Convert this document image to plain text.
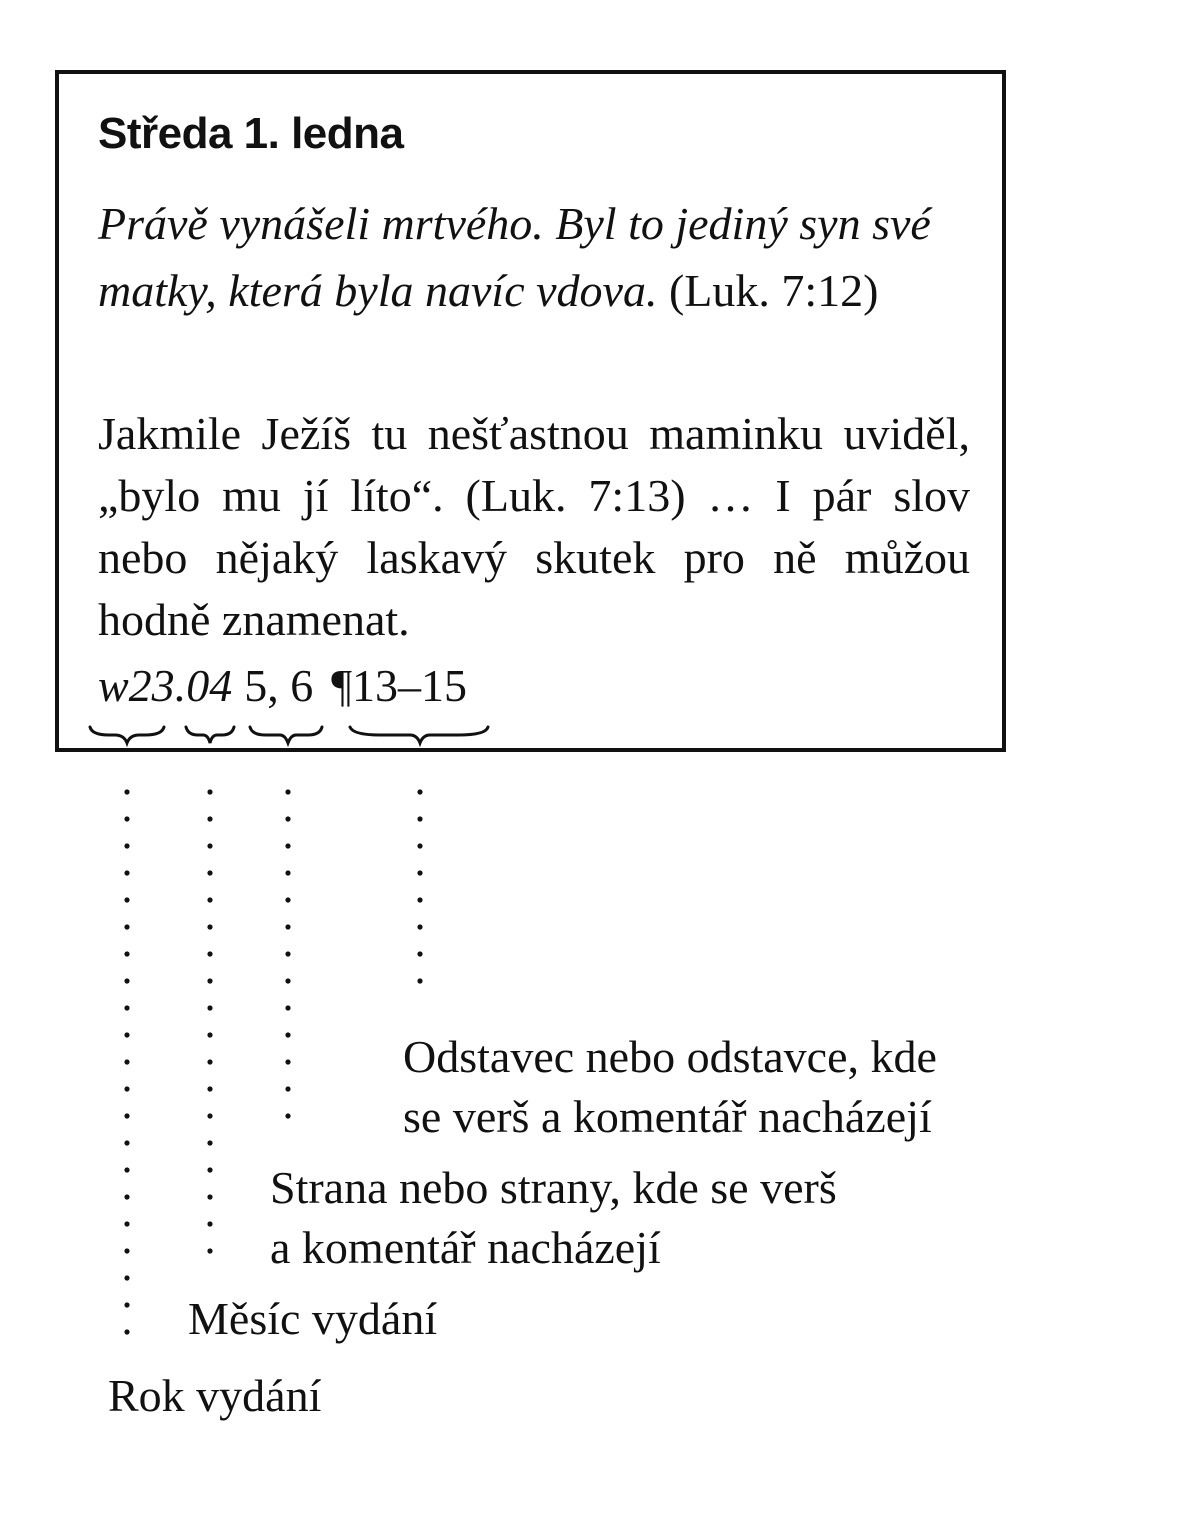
Středa 1. ledna

Právě vynášeli mrtvého. Byl to jediný syn své matky, která byla navíc vdova. (Luk. 7:12)

Jakmile Ježíš tu nešťastnou maminku uviděl, „bylo mu jí líto“. (Luk. 7:13) … I pár slov nebo nějaký laskavý skutek pro ně můžou hodně znamenat.

w23.04 5, 6 ¶13–15

Odstavec nebo odstavce, kde
se verš a komentář nacházejí
Strana nebo strany, kde se verš
a komentář nacházejí
Měsíc vydání
Rok vydání
